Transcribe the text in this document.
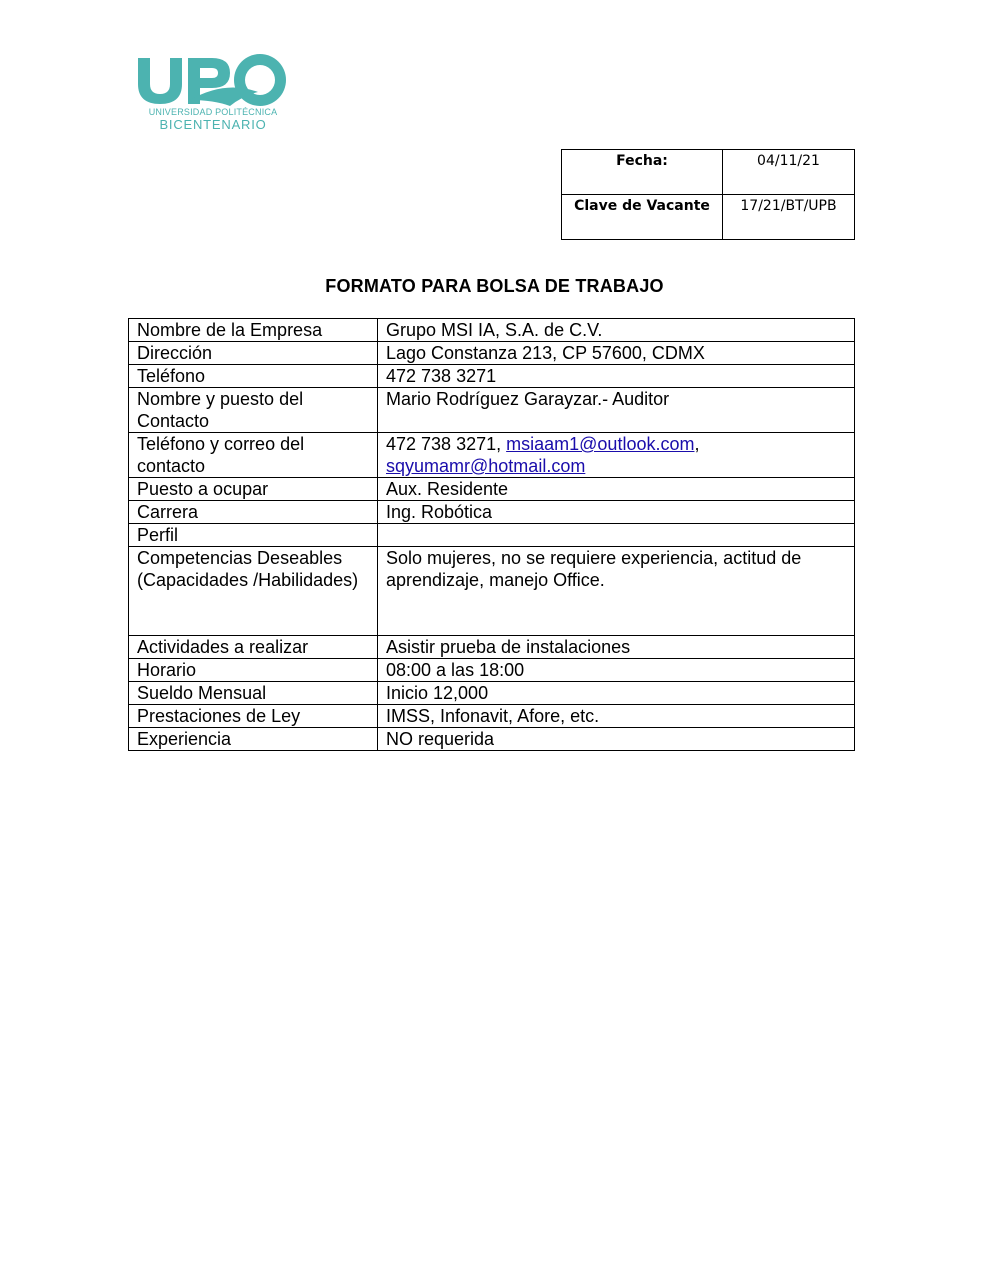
UNIVERSIDAD POLITÉCNICA
BICENTENARIO
Fecha:	04/11/21
Clave de Vacante	17/21/BT/UPB
FORMATO PARA BOLSA DE TRABAJO
Nombre de la Empresa	Grupo MSI IA, S.A. de C.V.
Dirección	Lago Constanza 213, CP 57600, CDMX
Teléfono	472 738 3271
Nombre y puesto del Contacto	Mario Rodríguez Garayzar.- Auditor
Teléfono y correo del contacto	472 738 3271, msiaam1@outlook.com,
sqyumamr@hotmail.com
Puesto a ocupar	Aux. Residente
Carrera	Ing. Robótica
Perfil	
Competencias Deseables (Capacidades /Habilidades)	Solo mujeres, no se requiere experiencia, actitud de aprendizaje, manejo Office.
Actividades a realizar	Asistir prueba de instalaciones
Horario	08:00 a las 18:00
Sueldo Mensual	Inicio 12,000
Prestaciones de Ley	IMSS, Infonavit, Afore, etc.
Experiencia	NO requerida
